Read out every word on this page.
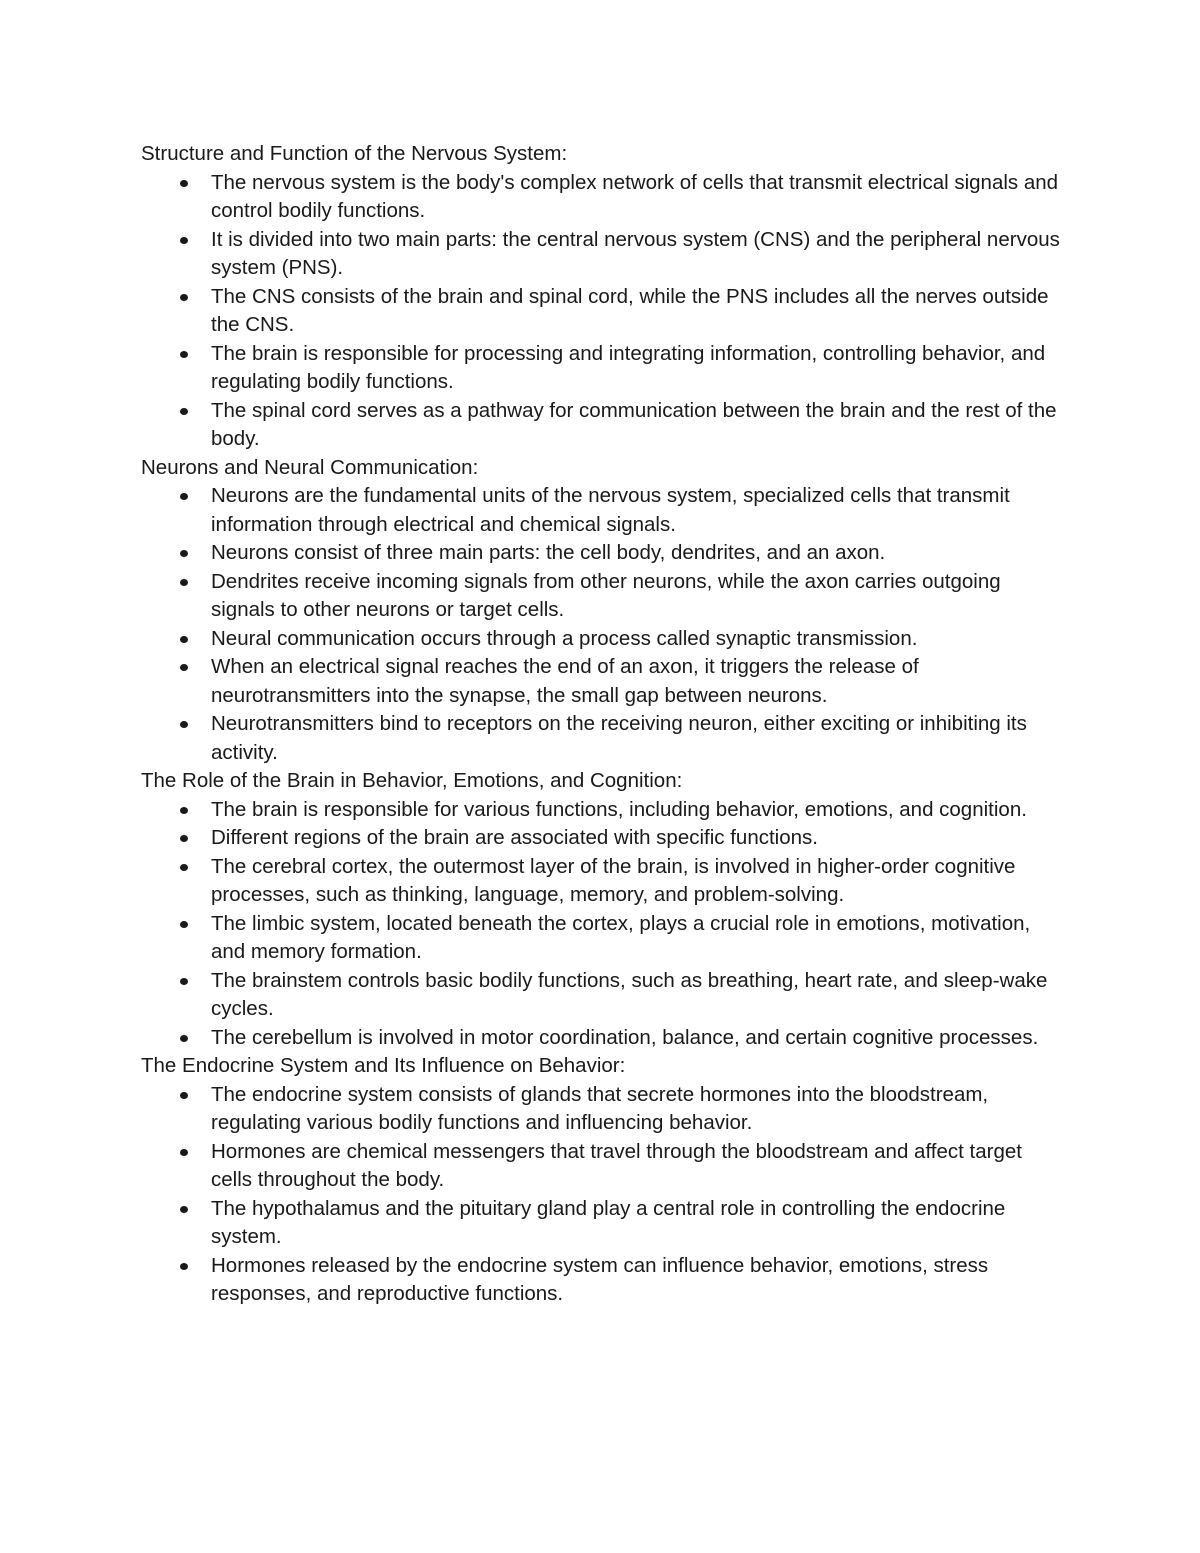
Structure and Function of the Nervous System:

The nervous system is the body's complex network of cells that transmit electrical signals and control bodily functions.
It is divided into two main parts: the central nervous system (CNS) and the peripheral nervous system (PNS).
The CNS consists of the brain and spinal cord, while the PNS includes all the nerves outside the CNS.
The brain is responsible for processing and integrating information, controlling behavior, and regulating bodily functions.
The spinal cord serves as a pathway for communication between the brain and the rest of the body.

Neurons and Neural Communication:

Neurons are the fundamental units of the nervous system, specialized cells that transmit information through electrical and chemical signals.
Neurons consist of three main parts: the cell body, dendrites, and an axon.
Dendrites receive incoming signals from other neurons, while the axon carries outgoing signals to other neurons or target cells.
Neural communication occurs through a process called synaptic transmission.
When an electrical signal reaches the end of an axon, it triggers the release of neurotransmitters into the synapse, the small gap between neurons.
Neurotransmitters bind to receptors on the receiving neuron, either exciting or inhibiting its activity.

The Role of the Brain in Behavior, Emotions, and Cognition:

The brain is responsible for various functions, including behavior, emotions, and cognition.
Different regions of the brain are associated with specific functions.
The cerebral cortex, the outermost layer of the brain, is involved in higher-order cognitive processes, such as thinking, language, memory, and problem-solving.
The limbic system, located beneath the cortex, plays a crucial role in emotions, motivation, and memory formation.
The brainstem controls basic bodily functions, such as breathing, heart rate, and sleep-wake cycles.
The cerebellum is involved in motor coordination, balance, and certain cognitive processes.

The Endocrine System and Its Influence on Behavior:

The endocrine system consists of glands that secrete hormones into the bloodstream, regulating various bodily functions and influencing behavior.
Hormones are chemical messengers that travel through the bloodstream and affect target cells throughout the body.
The hypothalamus and the pituitary gland play a central role in controlling the endocrine system.
Hormones released by the endocrine system can influence behavior, emotions, stress responses, and reproductive functions.
